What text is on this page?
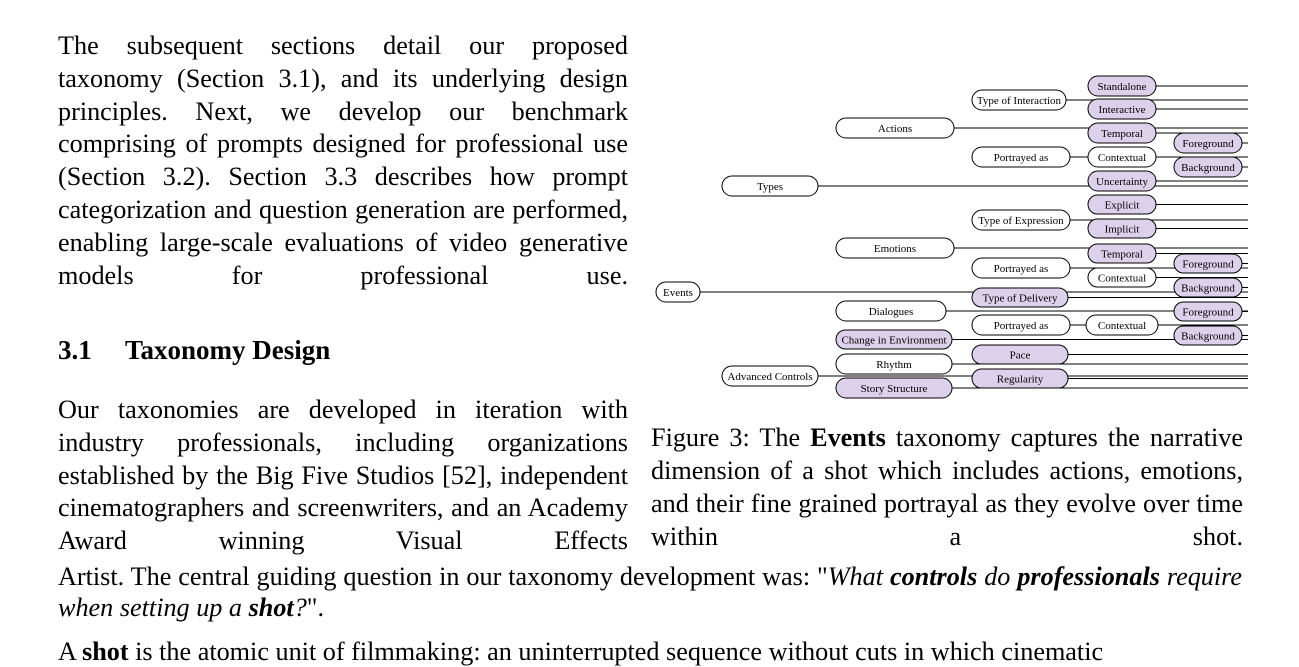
The subsequent sections detail our proposed taxonomy (Section 3.1), and its underlying design principles. Next, we develop our benchmark comprising of prompts designed for professional use (Section 3.2). Section 3.3 describes how prompt categorization and question generation are performed, enabling large-scale evaluations of video generative models for professional use.
3.1 Taxonomy Design
Our taxonomies are developed in iteration with industry professionals, including organizations established by the Big Five Studios [52], independent cinematographers and screenwriters, and an Academy Award winning Visual Effects
Artist. The central guiding question in our taxonomy development was: "What controls do professionals require when setting up a shot?".
A shot is the atomic unit of filmmaking: an uninterrupted sequence without cuts in which cinematic
Events
Types
Advanced Controls
Actions
Emotions
Dialogues
Change in Environment
Rhythm
Story Structure
Type of Interaction
Standalone
Interactive
Portrayed as
Temporal
Contextual
Uncertainty
Foreground
Background
Type of Expression
Explicit
Implicit
Portrayed as
Temporal
Contextual
Foreground
Background
Type of Delivery
Portrayed as	Contextual
Foreground
Background
Pace
Regularity
Figure 3: The Events taxonomy captures the narrative dimension of a shot which includes actions, emotions, and their fine grained portrayal as they evolve over time within a shot.
